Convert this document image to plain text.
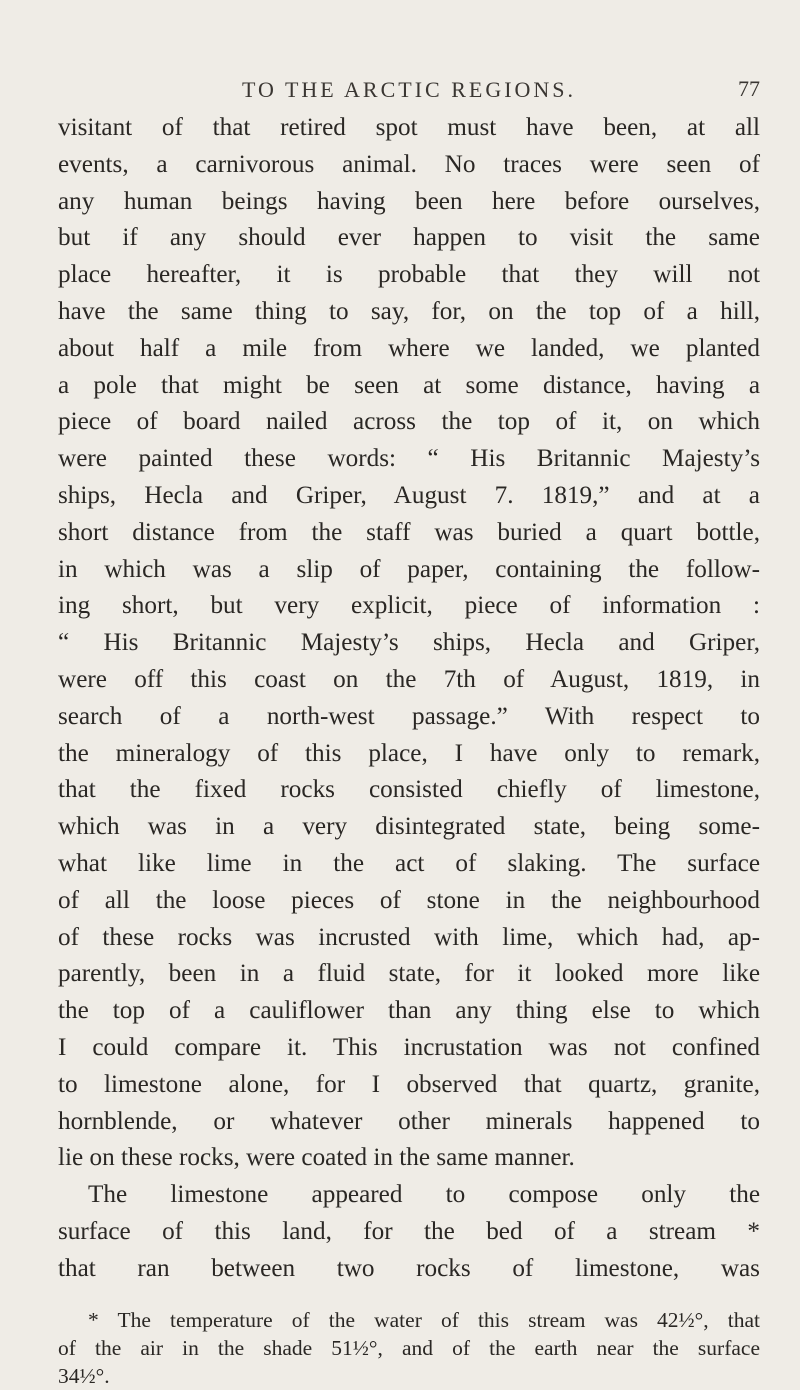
TO THE ARCTIC REGIONS.	77
visitant of that retired spot must have been, at all
events, a carnivorous animal. No traces were seen of
any human beings having been here before ourselves,
but if any should ever happen to visit the same
place hereafter, it is probable that they will not
have the same thing to say, for, on the top of a hill,
about half a mile from where we landed, we planted
a pole that might be seen at some distance, having a
piece of board nailed across the top of it, on which
were painted these words: “ His Britannic Majesty’s
ships, Hecla and Griper, August 7. 1819,” and at a
short distance from the staff was buried a quart bottle,
in which was a slip of paper, containing the follow-
ing short, but very explicit, piece of information :
“ His Britannic Majesty’s ships, Hecla and Griper,
were off this coast on the 7th of August, 1819, in
search of a north-west passage.” With respect to
the mineralogy of this place, I have only to remark,
that the fixed rocks consisted chiefly of limestone,
which was in a very disintegrated state, being some-
what like lime in the act of slaking. The surface
of all the loose pieces of stone in the neighbourhood
of these rocks was incrusted with lime, which had, ap-
parently, been in a fluid state, for it looked more like
the top of a cauliflower than any thing else to which
I could compare it. This incrustation was not confined
to limestone alone, for I observed that quartz, granite,
hornblende, or whatever other minerals happened to
lie on these rocks, were coated in the same manner.
The limestone appeared to compose only the
surface of this land, for the bed of a stream *
that ran between two rocks of limestone, was
* The temperature of the water of this stream was 42½°, that
of the air in the shade 51½°, and of the earth near the surface
34½°.
